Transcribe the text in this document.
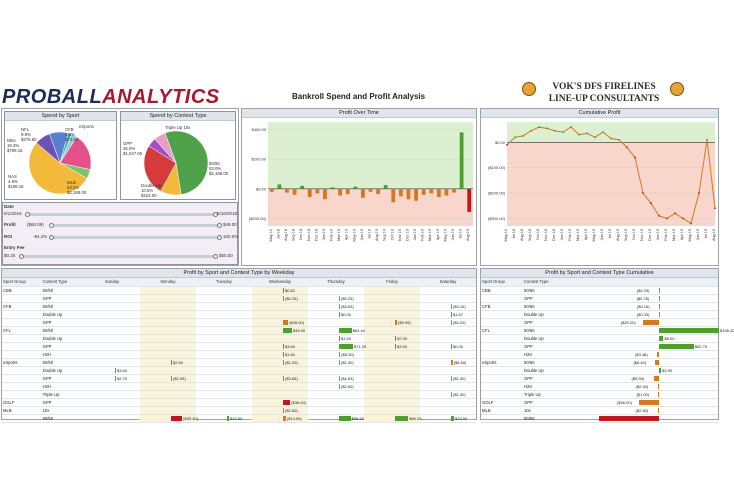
PROBALLANALYTICS	Bankroll Spend and Profit Analysis
VOK'S DFS FIRELINES
LINE-UP CONSULTANTS
Spend by Sport
NFL
9.8%
$279.80
CFB
1.9%
$73.52
eSports
NBA
19.3%
$799.15
NAS
4.8%
$198.15
MLB
53.0%
$2,188.00
Spend by Contest Type
50/50
53.0%
$2,188.00
Double Up
10.5%
$423.00
GPP
26.0%
$1,047.65
Triple Up 10x
Date
5/1/2019	5/16/2018
Profit	($60.09)	$49.00
ROI	-94.2%	100.0%
Entry Fee
$0.25	$50.00
Profit Over Time
$400.00
$200.00
$0.00
($200.00)
May 12 Jul 18 Aug 18 Sep 18 Oct 18 Nov 18 Dec 18 Jan 19 Feb 19 Mar 19 Apr 19 May 19 Jun 19 Jul 19 Aug 19 Sep 19 Oct 19 Nov 19 Dec 19 Jan 19 Feb 19 Mar 19 Apr 19 May 19 Jun 19 Jul 19 Aug 19
Cumulative Profit
$0.00
($100.00)
($200.00)
($300.00)
May 12 Jul 18 Aug 18 Sep 18 Oct 18 Nov 18 Dec 18 Jan 19 Feb 19 Mar 19 Apr 19 May 19 Jun 19 Jul 19 Aug 19 Sep 19 Oct 19 Nov 19 Dec 19 Jan 19 Feb 19 Mar 19 Apr 19 May 19 Jun 19 Jul 19 Aug 19
Profit by Sport and Contest Type by Weekday
Sport Group	Contest Type	Sunday	Monday	Tuesday	Wednesday	Thursday	Friday	Saturday
CBB	50/50				$0.82			

	GPP				($0.25)	($0.25)		

CFB	50/50					($3.83)		($3.16)

	Double Up					$0.00		$1.67

	GPP				($26.00)		($9.95)	($4.20)

CFL	50/50				$45.00	$63.44		

	Double Up					$1.00	$7.00	

	GPP				$3.60	$71.25	$3.50	$0.00

	H2H				$1.60	($6.50)		

eSports	50/50		$2.60		($1.20)	($1.00)		($8.60)

	Double Up	$3.60						

	GPP	$2.75	($2.95)		($3.65)	($4.63)		($1.00)

	H2H					($2.50)		

	Triple Up							($1.00)

GOLF	GPP				($36.00)			

MLB	10x				($2.60)			

	50/50		($55.40)	$10.50	($14.55)	$58.60	$66.20	$15.00
Profit by Sport and Contest Type Cumulative
Sport Group	Contest Type	
CBB	50/50	($0.29)

	GPP	($0.75)

CFB	50/50	($0.16)

	Double Up	($0.33)

	GPP	($29.20)

CFL	50/50	$108.20

	Double Up	$8.00

	GPP	$62.75

	H2H	($3.48)

eSports	50/50	($6.40)

	Double Up	$3.90

	GPP	($9.90)

	H2H	($2.50)

	Triple Up	($1.00)

GOLF	GPP	($36.00)

MLB	10x	($2.60)

	50/50	
